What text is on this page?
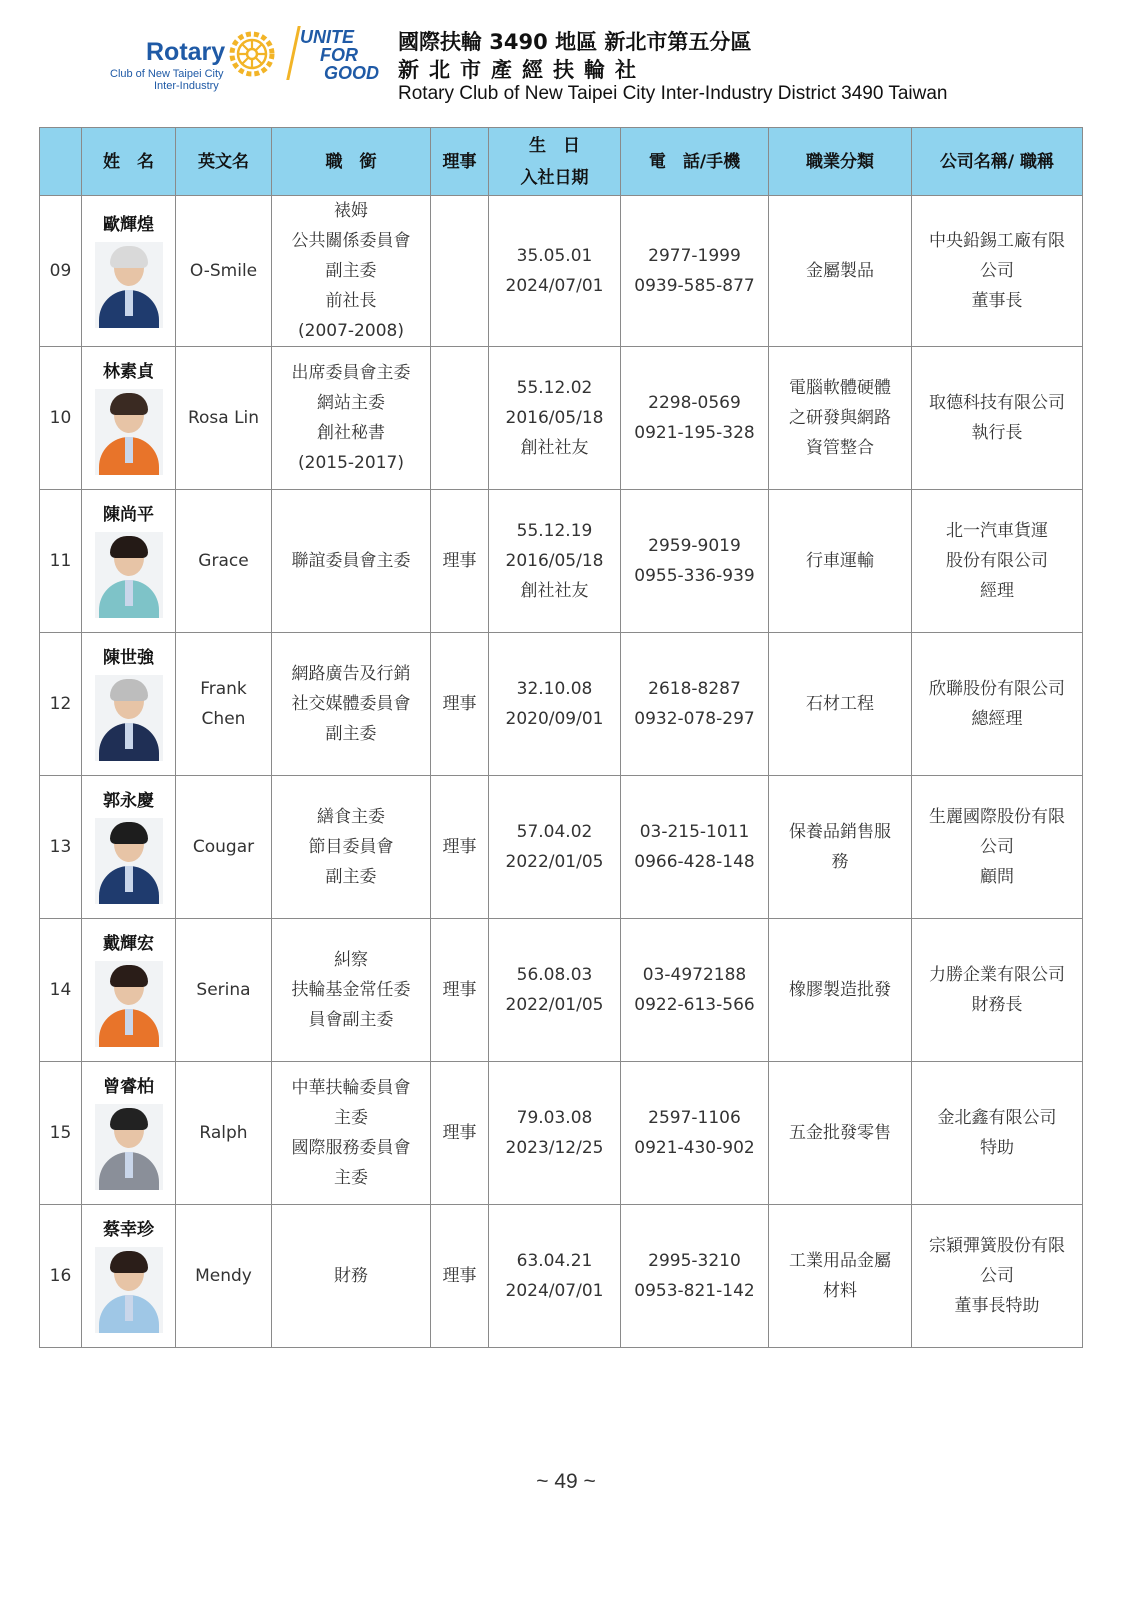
Rotary
Club of New Taipei City
Inter-Industry
UNITE
FOR
GOOD
國際扶輪 3490 地區 新北市第五分區
新北市產經扶輪社
Rotary Club of New Taipei City Inter-Industry District 3490 Taiwan
	姓　名	英文名	職　銜	理事	生　日
入社日期	電　話/手機	職業分類	公司名稱/ 職稱
09	歐輝煌	O-Smile	裱姆
公共關係委員會
副主委
前社長
(2007-2008)		35.05.01
2024/07/01	2977-1999
0939-585-877	金屬製品	中央鉛錫工廠有限
公司
董事長

10	林素貞	Rosa Lin	出席委員會主委
網站主委
創社秘書
(2015-2017)		55.12.02
2016/05/18
創社社友	2298-0569
0921-195-328	電腦軟體硬體
之研發與網路
資管整合	取德科技有限公司
執行長

11	陳尚平	Grace	聯誼委員會主委	理事	55.12.19
2016/05/18
創社社友	2959-9019
0955-336-939	行車運輸	北一汽車貨運
股份有限公司
經理

12	陳世強	Frank
Chen	網路廣告及行銷
社交媒體委員會
副主委	理事	32.10.08
2020/09/01	2618-8287
0932-078-297	石材工程	欣聯股份有限公司
總經理

13	郭永慶	Cougar	繕食主委
節目委員會
副主委	理事	57.04.02
2022/01/05	03-215-1011
0966-428-148	保養品銷售服
務	生麗國際股份有限
公司
顧問

14	戴輝宏	Serina	糾察
扶輪基金常任委
員會副主委	理事	56.08.03
2022/01/05	03-4972188
0922-613-566	橡膠製造批發	力勝企業有限公司
財務長

15	曾睿柏	Ralph	中華扶輪委員會
主委
國際服務委員會
主委	理事	79.03.08
2023/12/25	2597-1106
0921-430-902	五金批發零售	金北鑫有限公司
特助

16	蔡幸珍	Mendy	財務	理事	63.04.21
2024/07/01	2995-3210
0953-821-142	工業用品金屬
材料	宗穎彈簧股份有限
公司
董事長特助
~ 49 ~
